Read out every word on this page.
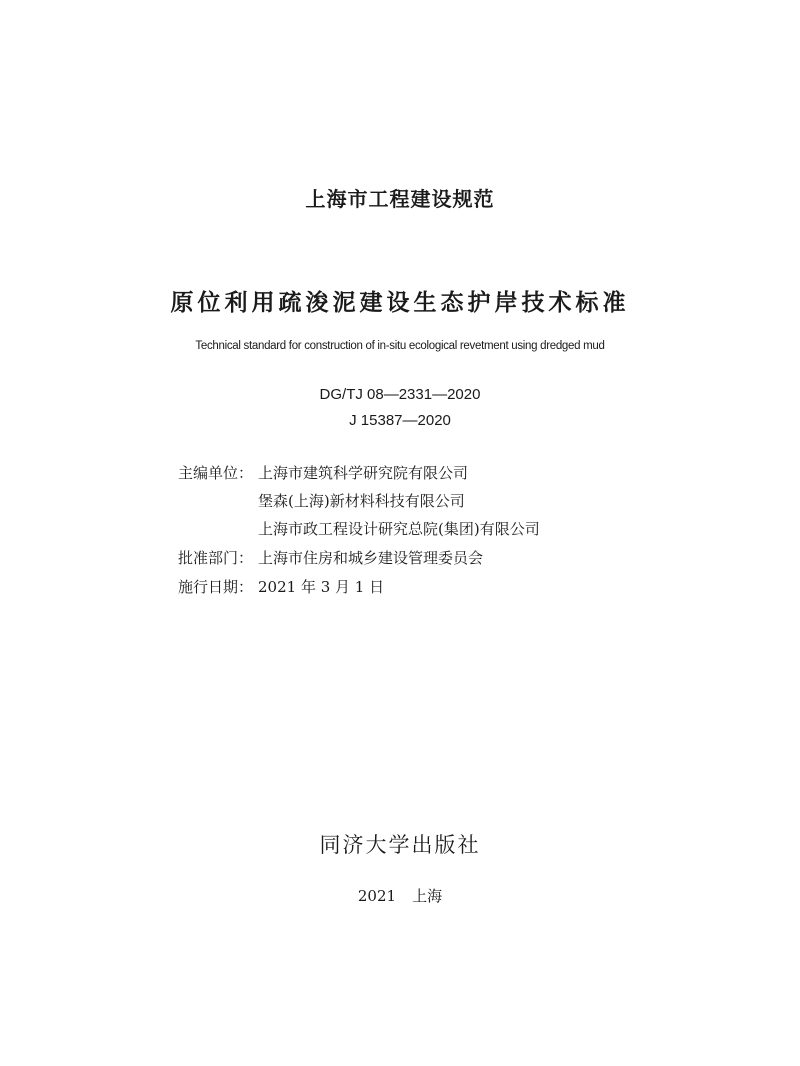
上海市工程建设规范
原位利用疏浚泥建设生态护岸技术标准
Technical standard for construction of in-situ ecological revetment using dredged mud
DG/TJ 08—2331—2020
J 15387—2020
主编单位： 上海市建筑科学研究院有限公司
堡森(上海)新材料科技有限公司
上海市政工程设计研究总院(集团)有限公司
批准部门： 上海市住房和城乡建设管理委员会
施行日期： 2021 年 3 月 1 日
同济大学出版社
2021 上海
